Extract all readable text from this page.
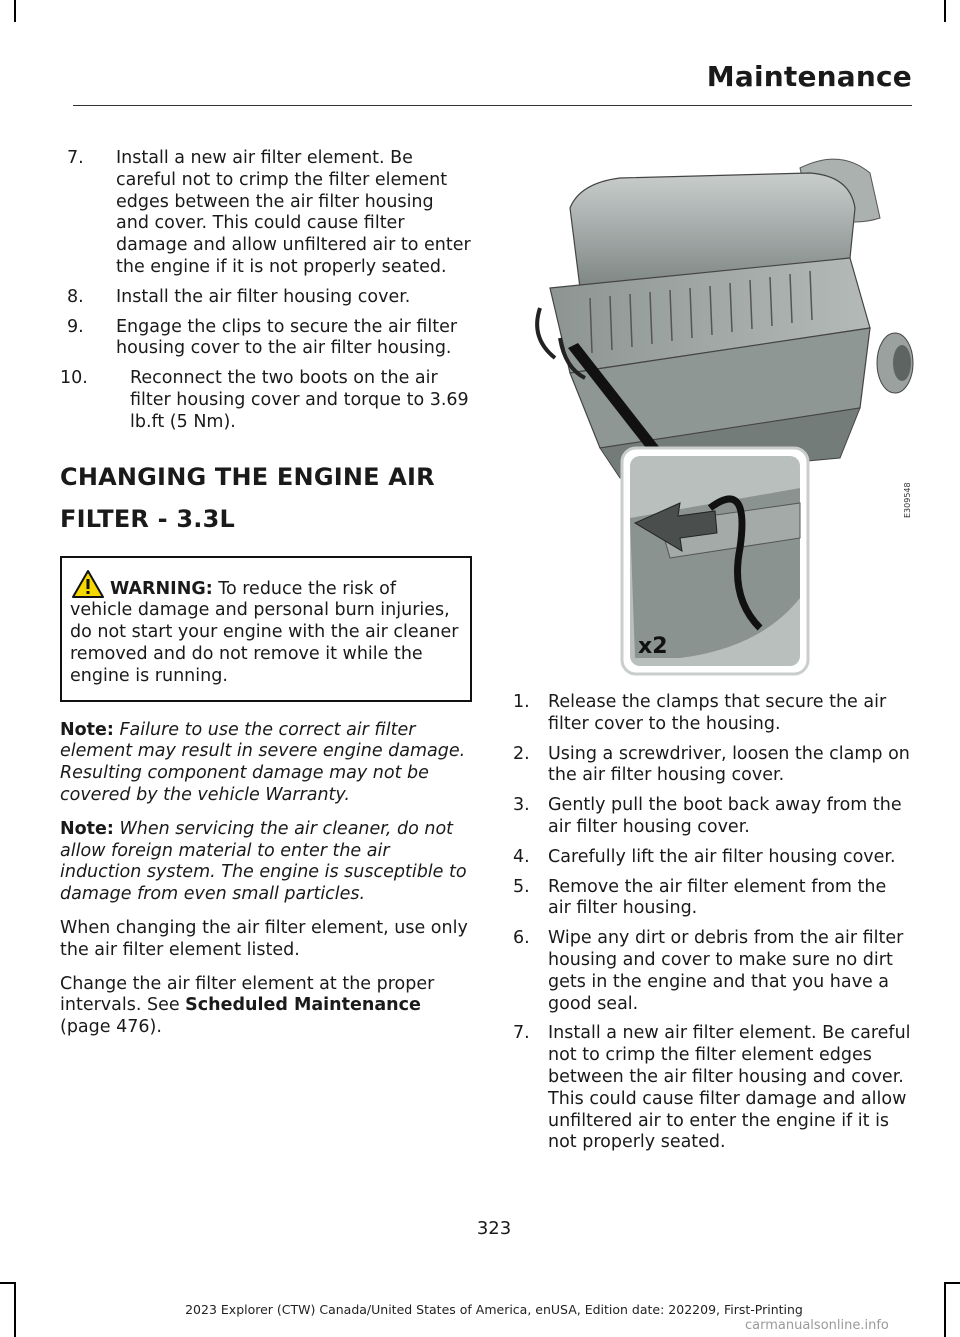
Maintenance
7. Install a new air filter element. Be careful not to crimp the filter element edges between the air filter housing and cover. This could cause filter damage and allow unfiltered air to enter the engine if it is not properly seated.
8. Install the air filter housing cover.
9. Engage the clips to secure the air filter housing cover to the air filter housing.
10. Reconnect the two boots on the air filter housing cover and torque to 3.69 lb.ft (5 Nm).
CHANGING THE ENGINE AIR
FILTER - 3.3L
WARNING: To reduce the risk of vehicle damage and personal burn injuries, do not start your engine with the air cleaner removed and do not remove it while the engine is running.

Note: Failure to use the correct air filter element may result in severe engine damage. Resulting component damage may not be covered by the vehicle Warranty.

Note: When servicing the air cleaner, do not allow foreign material to enter the air induction system. The engine is susceptible to damage from even small particles.

When changing the air filter element, use only the air filter element listed.

Change the air filter element at the proper intervals. See Scheduled Maintenance (page 476).

x2
E309548
1. Release the clamps that secure the air filter cover to the housing.
2. Using a screwdriver, loosen the clamp on the air filter housing cover.
3. Gently pull the boot back away from the air filter housing cover.
4. Carefully lift the air filter housing cover.
5. Remove the air filter element from the air filter housing.
6. Wipe any dirt or debris from the air filter housing and cover to make sure no dirt gets in the engine and that you have a good seal.
7. Install a new air filter element. Be careful not to crimp the filter element edges between the air filter housing and cover. This could cause filter damage and allow unfiltered air to enter the engine if it is not properly seated.
323
2023 Explorer (CTW) Canada/United States of America, enUSA, Edition date: 202209, First-Printing
carmanualsonline.info
